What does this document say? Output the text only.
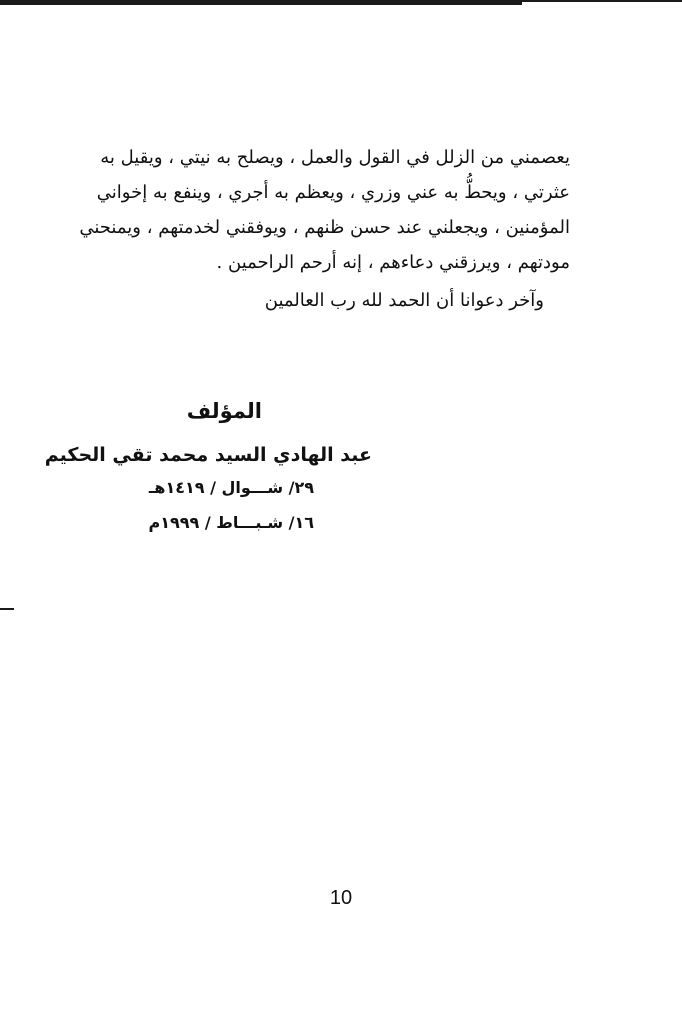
يعصمني من الزلل في القول والعمل ، ويصلح به نيتي ، ويقيل به

عثرتي ، ويحطُّ به عني وزري ، ويعظم به أجري ، وينفع به إخواني

المؤمنين ، ويجعلني عند حسن ظنهم ، ويوفقني لخدمتهم ، ويمنحني

مودتهم ، ويرزقني دعاءهم ، إنه أرحم الراحمين .

وآخر دعوانا أن الحمد لله رب العالمين
المؤلف
عبد الهادي السيد محمد تقي الحكيم
٢٩/ شـــوال / ١٤١٩هـ
١٦/ شـبـــاط / ١٩٩٩م
10
